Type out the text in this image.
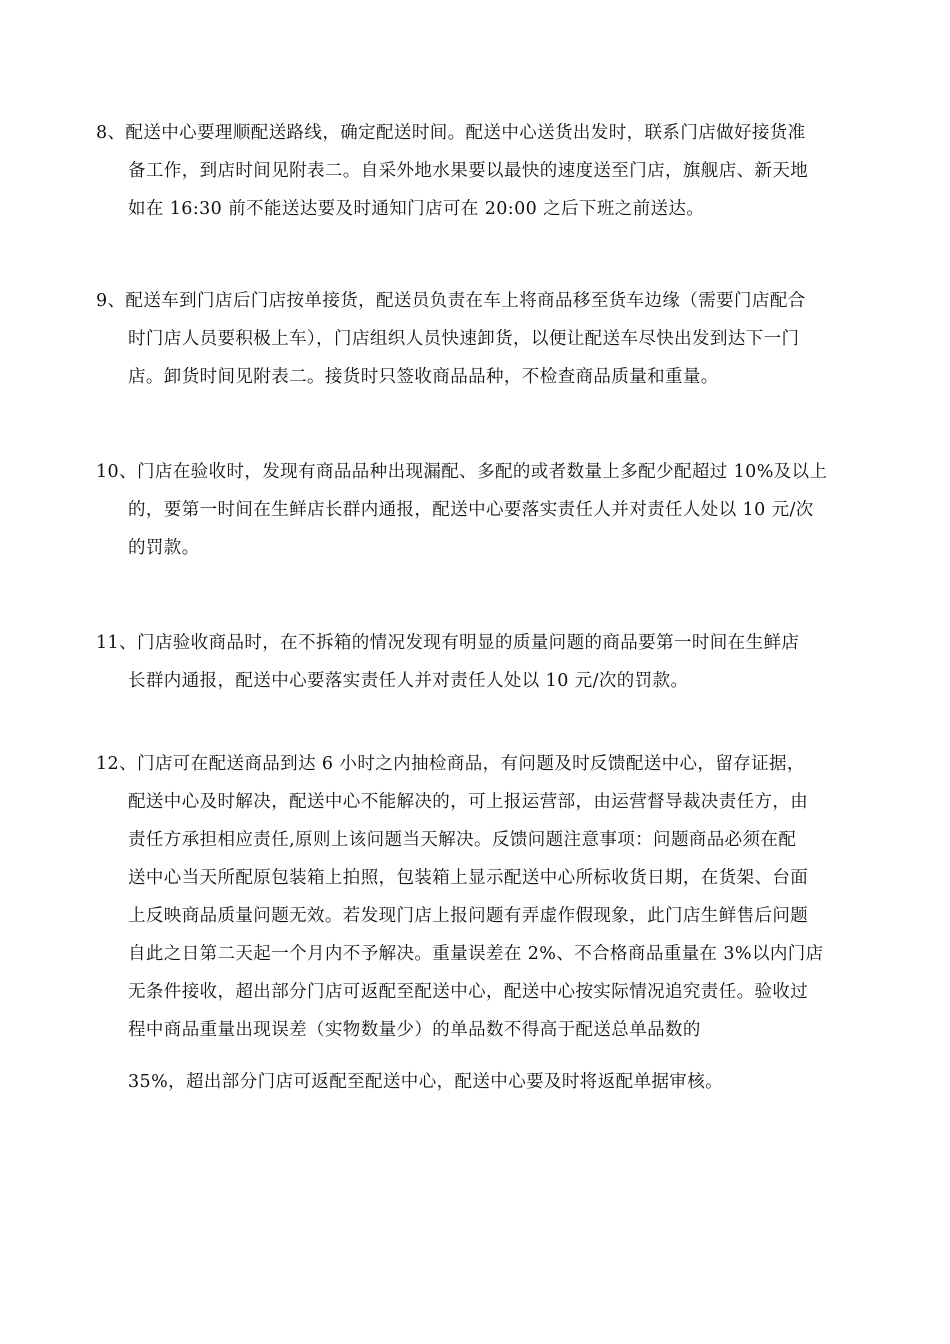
8、配送中心要理顺配送路线，确定配送时间。配送中心送货出发时，联系门店做好接货准
备工作，到店时间见附表二。自采外地水果要以最快的速度送至门店，旗舰店、新天地
如在 16:30 前不能送达要及时通知门店可在 20:00 之后下班之前送达。
9、配送车到门店后门店按单接货，配送员负责在车上将商品移至货车边缘（需要门店配合
时门店人员要积极上车），门店组织人员快速卸货，以便让配送车尽快出发到达下一门
店。卸货时间见附表二。接货时只签收商品品种，不检查商品质量和重量。
10、门店在验收时，发现有商品品种出现漏配、多配的或者数量上多配少配超过 10%及以上
的，要第一时间在生鲜店长群内通报，配送中心要落实责任人并对责任人处以 10 元/次
的罚款。
11、门店验收商品时，在不拆箱的情况发现有明显的质量问题的商品要第一时间在生鲜店
长群内通报，配送中心要落实责任人并对责任人处以 10 元/次的罚款。
12、门店可在配送商品到达 6 小时之内抽检商品，有问题及时反馈配送中心，留存证据，
配送中心及时解决，配送中心不能解决的，可上报运营部，由运营督导裁决责任方，由
责任方承担相应责任,原则上该问题当天解决。反馈问题注意事项：问题商品必须在配
送中心当天所配原包装箱上拍照，包装箱上显示配送中心所标收货日期，在货架、台面
上反映商品质量问题无效。若发现门店上报问题有弄虚作假现象，此门店生鲜售后问题
自此之日第二天起一个月内不予解决。重量误差在 2%、不合格商品重量在 3%以内门店
无条件接收，超出部分门店可返配至配送中心，配送中心按实际情况追究责任。验收过
程中商品重量出现误差（实物数量少）的单品数不得高于配送总单品数的
35%，超出部分门店可返配至配送中心，配送中心要及时将返配单据审核。
